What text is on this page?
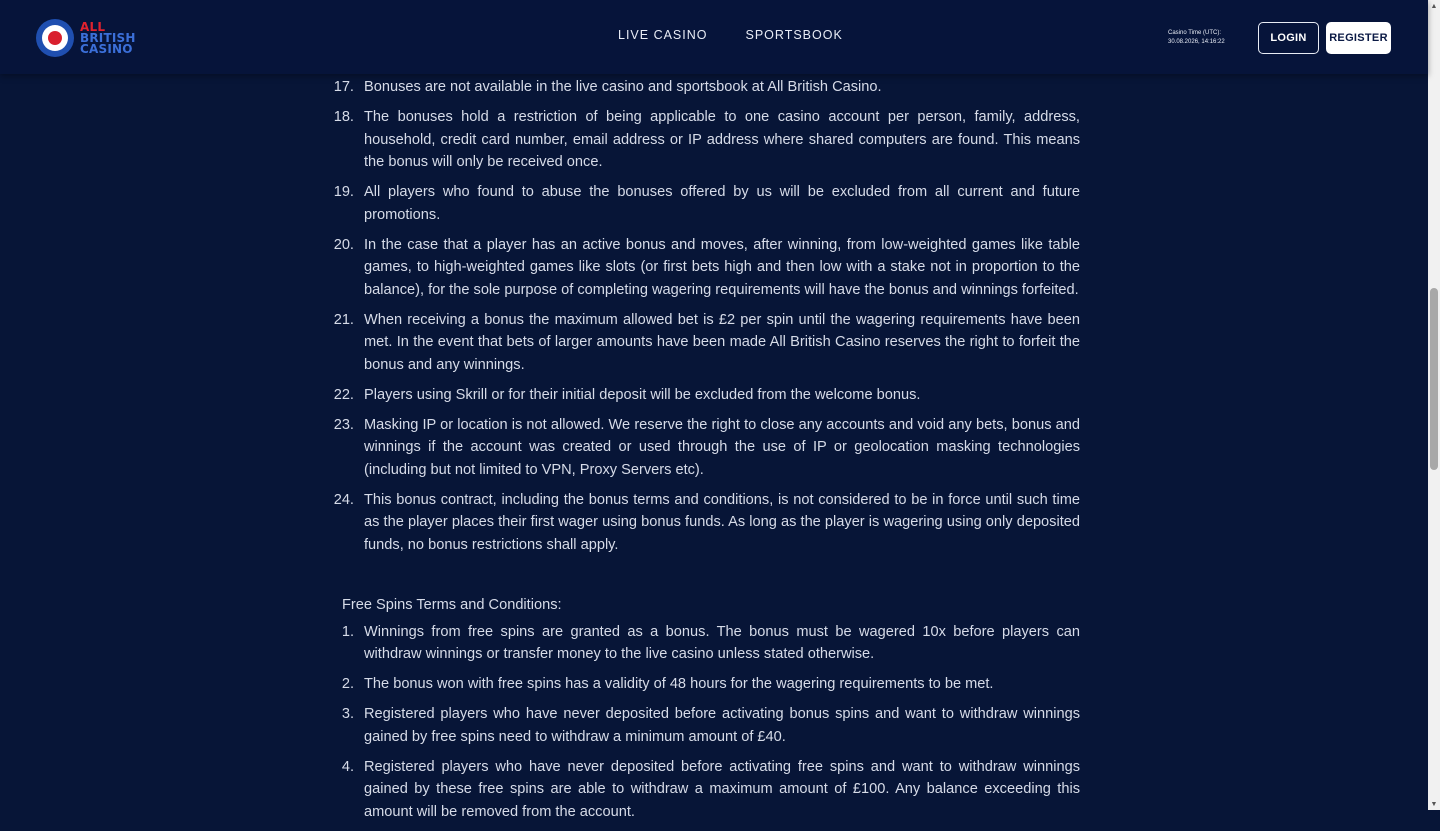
ALL
BRITISH
CASINO
LIVE CASINO	SPORTSBOOK	Casino Time (UTC):
30.08.2026, 14:16:22	LOGIN	REGISTER
17. Bonuses are not available in the live casino and sportsbook at All British Casino.
18. The bonuses hold a restriction of being applicable to one casino account per person, family, address, household, credit card number, email address or IP address where shared computers are found. This means the bonus will only be received once.
19. All players who found to abuse the bonuses offered by us will be excluded from all current and future promotions.
20. In the case that a player has an active bonus and moves, after winning, from low-weighted games like table games, to high-weighted games like slots (or first bets high and then low with a stake not in proportion to the balance), for the sole purpose of completing wagering requirements will have the bonus and winnings forfeited.
21. When receiving a bonus the maximum allowed bet is £2 per spin until the wagering requirements have been met. In the event that bets of larger amounts have been made All British Casino reserves the right to forfeit the bonus and any winnings.
22. Players using Skrill or for their initial deposit will be excluded from the welcome bonus.
23. Masking IP or location is not allowed. We reserve the right to close any accounts and void any bets, bonus and winnings if the account was created or used through the use of IP or geolocation masking technologies (including but not limited to VPN, Proxy Servers etc).
24. This bonus contract, including the bonus terms and conditions, is not considered to be in force until such time as the player places their first wager using bonus funds. As long as the player is wagering using only deposited funds, no bonus restrictions shall apply.
Free Spins Terms and Conditions:
1. Winnings from free spins are granted as a bonus. The bonus must be wagered 10x before players can withdraw winnings or transfer money to the live casino unless stated otherwise.
2. The bonus won with free spins has a validity of 48 hours for the wagering requirements to be met.
3. Registered players who have never deposited before activating bonus spins and want to withdraw winnings gained by free spins need to withdraw a minimum amount of £40.
4. Registered players who have never deposited before activating free spins and want to withdraw winnings gained by these free spins are able to withdraw a maximum amount of £100. Any balance exceeding this amount will be removed from the account.
▲
▼
